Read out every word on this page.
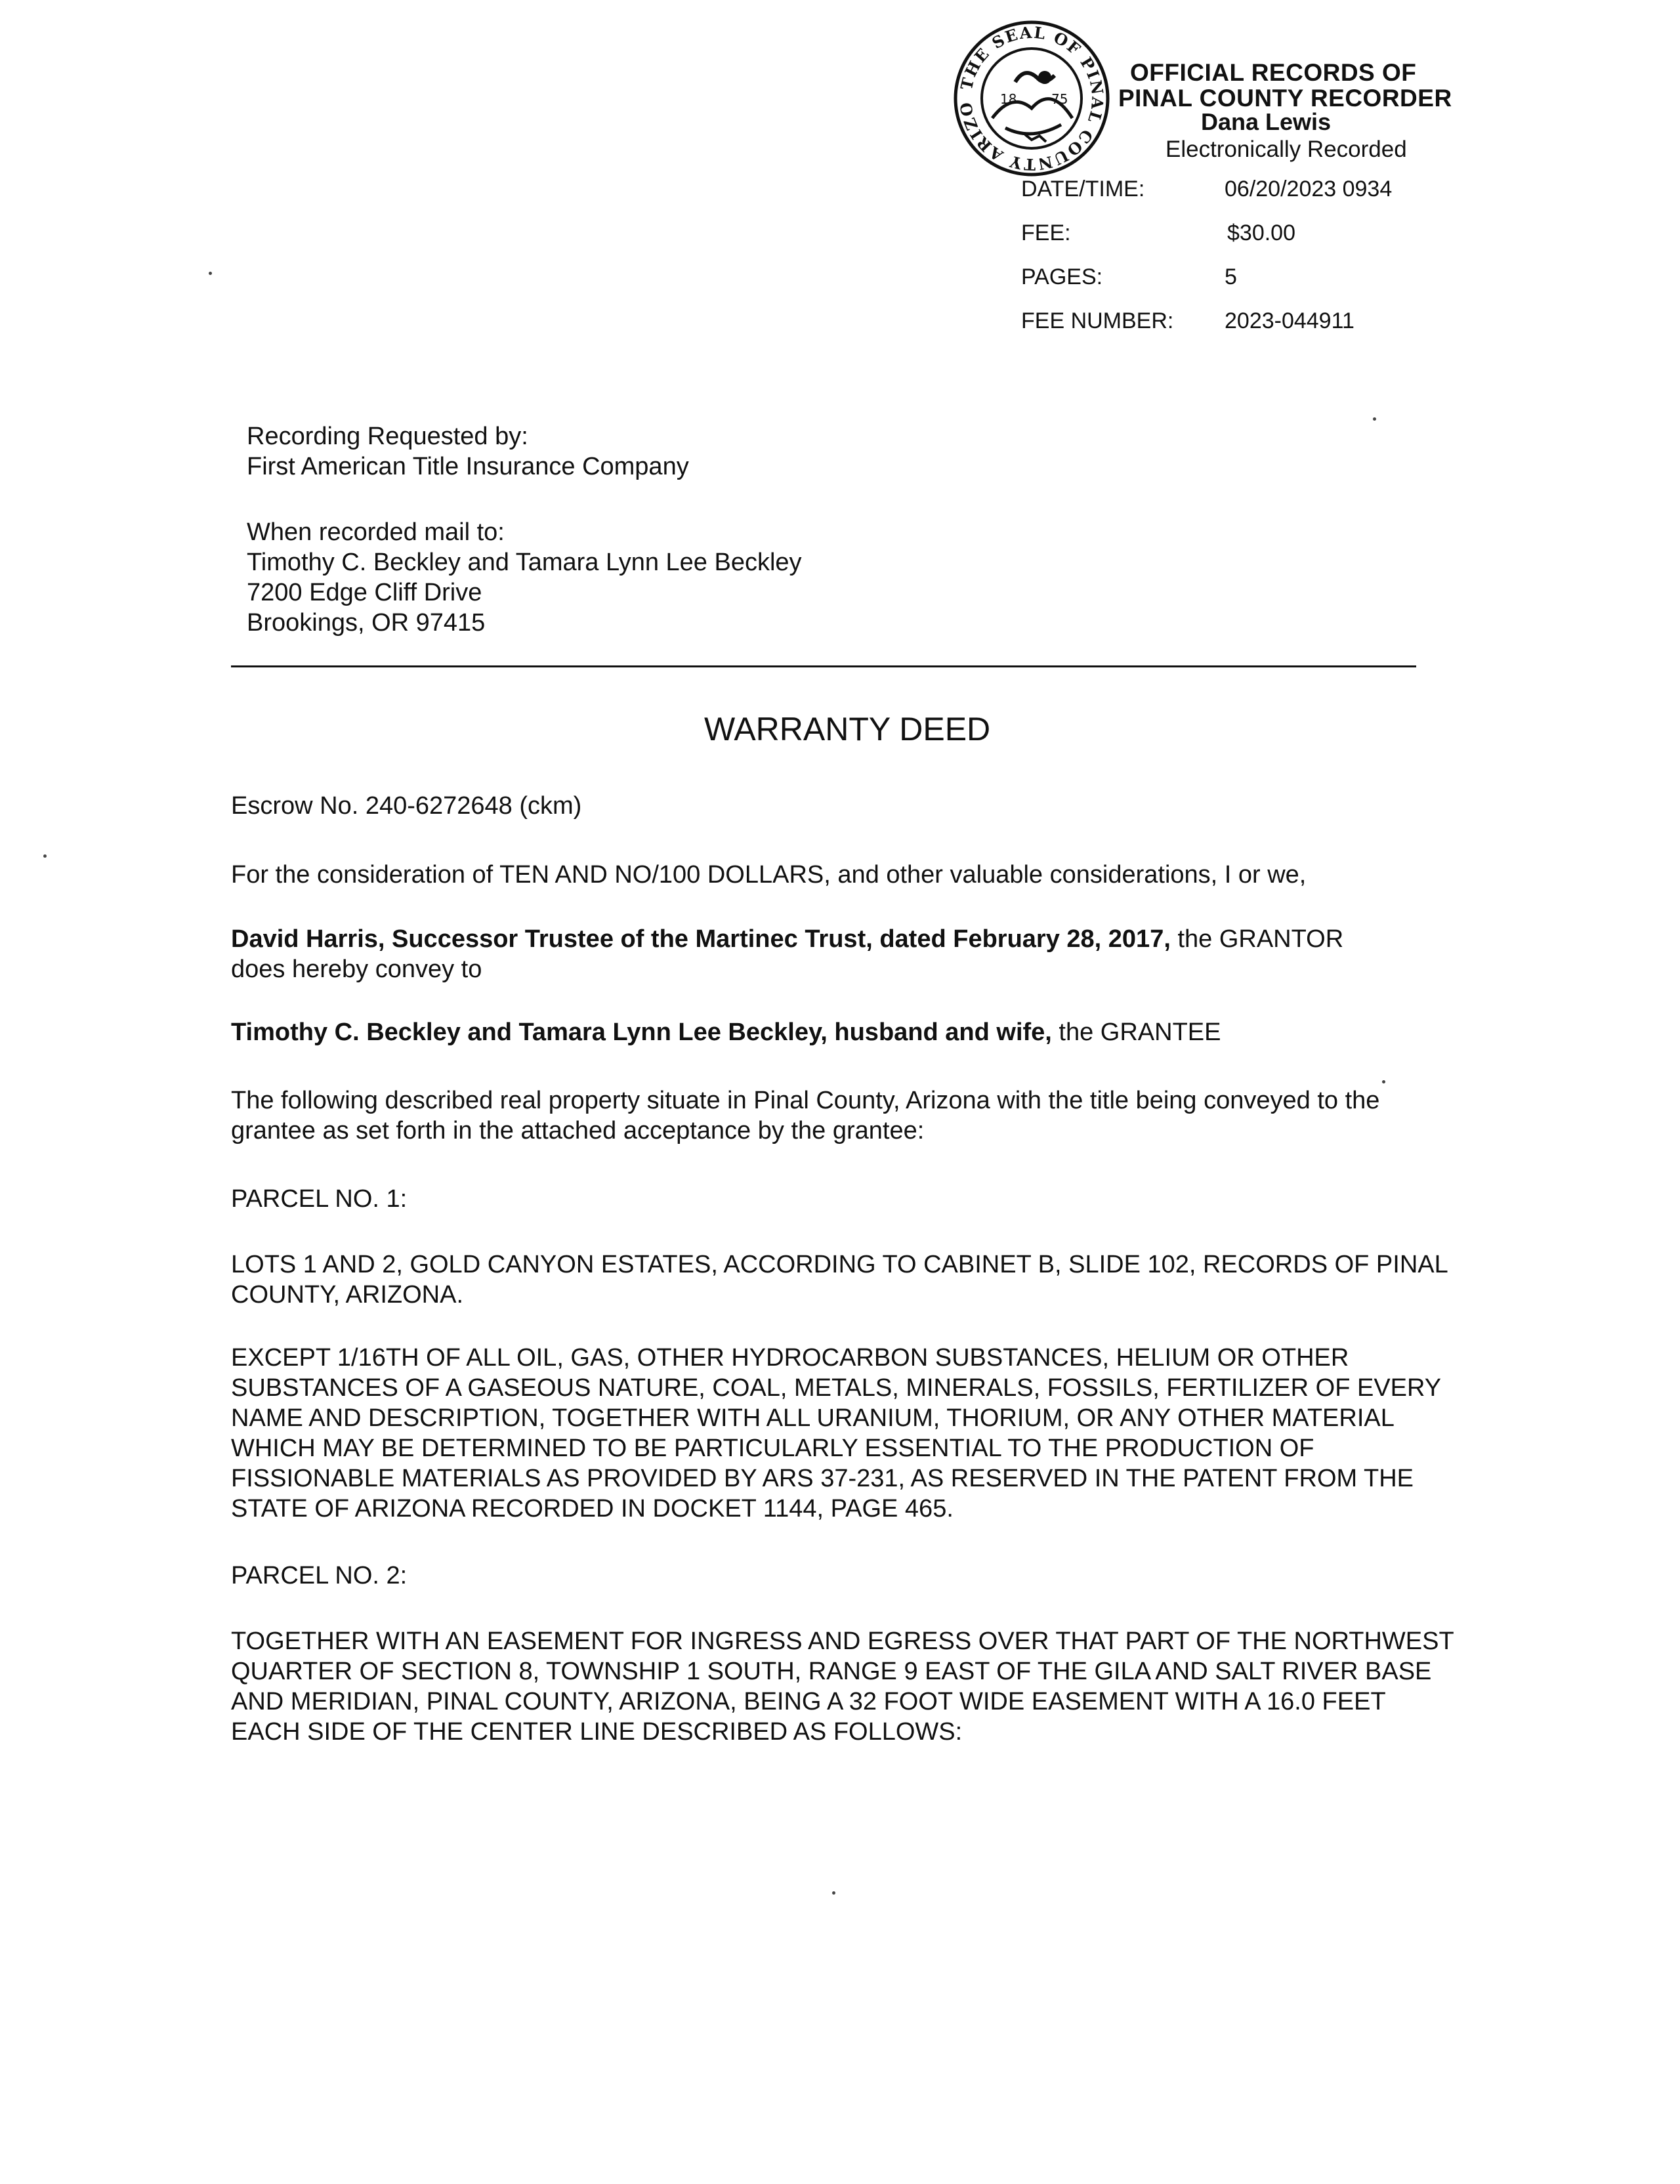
THE SEAL OF PINAL COUNTY ARIZO
18	75
OFFICIAL RECORDS OF
PINAL COUNTY RECORDER
Dana Lewis
Electronically Recorded
DATE/TIME:	06/20/2023 0934
FEE:	$30.00
PAGES:	5
FEE NUMBER: 2023-044911
Recording Requested by:
First American Title Insurance Company
When recorded mail to:
Timothy C. Beckley and Tamara Lynn Lee Beckley
7200 Edge Cliff Drive
Brookings, OR 97415
WARRANTY DEED
Escrow No. 240-6272648 (ckm)
For the consideration of TEN AND NO/100 DOLLARS, and other valuable considerations, I or we,
David Harris, Successor Trustee of the Martinec Trust, dated February 28, 2017, the GRANTOR
does hereby convey to
Timothy C. Beckley and Tamara Lynn Lee Beckley, husband and wife, the GRANTEE
The following described real property situate in Pinal County, Arizona with the title being conveyed to the
grantee as set forth in the attached acceptance by the grantee:
PARCEL NO. 1:
LOTS 1 AND 2, GOLD CANYON ESTATES, ACCORDING TO CABINET B, SLIDE 102, RECORDS OF PINAL
COUNTY, ARIZONA.
EXCEPT 1/16TH OF ALL OIL, GAS, OTHER HYDROCARBON SUBSTANCES, HELIUM OR OTHER
SUBSTANCES OF A GASEOUS NATURE, COAL, METALS, MINERALS, FOSSILS, FERTILIZER OF EVERY
NAME AND DESCRIPTION, TOGETHER WITH ALL URANIUM, THORIUM, OR ANY OTHER MATERIAL
WHICH MAY BE DETERMINED TO BE PARTICULARLY ESSENTIAL TO THE PRODUCTION OF
FISSIONABLE MATERIALS AS PROVIDED BY ARS 37-231, AS RESERVED IN THE PATENT FROM THE
STATE OF ARIZONA RECORDED IN DOCKET 1144, PAGE 465.
PARCEL NO. 2:
TOGETHER WITH AN EASEMENT FOR INGRESS AND EGRESS OVER THAT PART OF THE NORTHWEST
QUARTER OF SECTION 8, TOWNSHIP 1 SOUTH, RANGE 9 EAST OF THE GILA AND SALT RIVER BASE
AND MERIDIAN, PINAL COUNTY, ARIZONA, BEING A 32 FOOT WIDE EASEMENT WITH A 16.0 FEET
EACH SIDE OF THE CENTER LINE DESCRIBED AS FOLLOWS:
